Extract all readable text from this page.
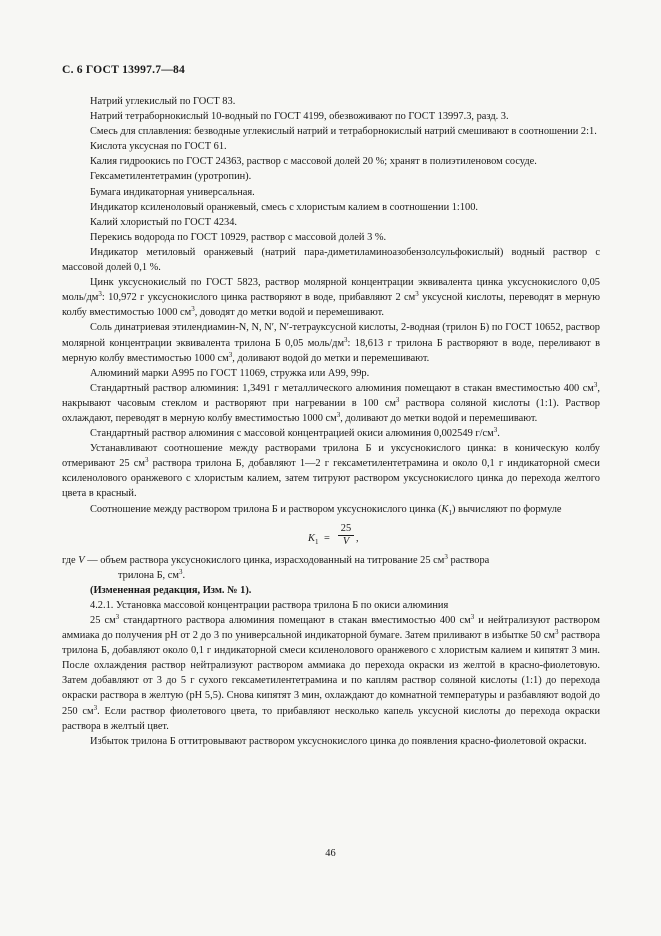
С. 6 ГОСТ 13997.7—84

Натрий углекислый по ГОСТ 83.

Натрий тетраборнокислый 10-водный по ГОСТ 4199, обезвоживают по ГОСТ 13997.3, разд. 3.

Смесь для сплавления: безводные углекислый натрий и тетраборнокислый натрий смешивают в соотношении 2:1.

Кислота уксусная по ГОСТ 61.

Калия гидроокись по ГОСТ 24363, раствор с массовой долей 20 %; хранят в полиэтиленовом сосуде.

Гексаметилентетрамин (уротропин).

Бумага индикаторная универсальная.

Индикатор ксиленоловый оранжевый, смесь с хлористым калием в соотношении 1:100.

Калий хлористый по ГОСТ 4234.

Перекись водорода по ГОСТ 10929, раствор с массовой долей 3 %.

Индикатор метиловый оранжевый (натрий пара-диметиламиноазобензолсульфокислый) водный раствор с массовой долей 0,1 %.

Цинк уксуснокислый по ГОСТ 5823, раствор молярной концентрации эквивалента цинка уксуснокислого 0,05 моль/$дм^3$: 10,972 г уксуснокислого цинка растворяют в воде, прибавляют 2 $см^3$ уксусной кислоты, переводят в мерную колбу вместимостью 1000 $см^3$, доводят до метки водой и перемешивают.

Соль динатриевая этилендиамин-N, N, N′, N′-тетрауксусной кислоты, 2-водная (трилон Б) по ГОСТ 10652, раствор молярной концентрации эквивалента трилона Б 0,05 моль/$дм^3$: 18,613 г трилона Б растворяют в воде, переливают в мерную колбу вместимостью 1000 $см^3$, доливают водой до метки и перемешивают.

Алюминий марки А995 по ГОСТ 11069, стружка или А99, 99р.

Стандартный раствор алюминия: 1,3491 г металлического алюминия помещают в стакан вместимостью 400 $см^3$, накрывают часовым стеклом и растворяют при нагревании в 100 $см^3$ раствора соляной кислоты (1:1). Раствор охлаждают, переводят в мерную колбу вместимостью 1000 $см^3$, доливают до метки водой и перемешивают.

Стандартный раствор алюминия с массовой концентрацией окиси алюминия 0,002549 $г/см^3$.

Устанавливают соотношение между растворами трилона Б и уксуснокислого цинка: в коническую колбу отмеривают 25 $см^3$ раствора трилона Б, добавляют 1—2 г гексаметилентетрамина и около 0,1 г индикаторной смеси ксиленолового оранжевого с хлористым калием, затем титруют раствором уксуснокислого цинка до перехода желтого цвета в красный.

Соотношение между раствором трилона Б и раствором уксуснокислого цинка $(K_1)$ вычисляют по формуле

$K_1 = \frac{25}{V}$ ,

где V — объем раствора уксуснокислого цинка, израсходованный на титрование 25 $см^3$ раствора

трилона Б, $см^3$.

(Измененная редакция, Изм. № 1).

4.2.1. Установка массовой концентрации раствора трилона Б по окиси алюминия

25 $см^3$ стандартного раствора алюминия помещают в стакан вместимостью 400 $см^3$ и нейтрализуют раствором аммиака до получения pH от 2 до 3 по универсальной индикаторной бумаге. Затем приливают в избытке 50 $см^3$ раствора трилона Б, добавляют около 0,1 г индикаторной смеси ксиленолового оранжевого с хлористым калием и кипятят 3 мин. После охлаждения раствор нейтрализуют раствором аммиака до перехода окраски из желтой в красно-фиолетовую. Затем добавляют от 3 до 5 г сухого гексаметилентетрамина и по каплям раствор соляной кислоты (1:1) до перехода окраски раствора в желтую (pH 5,5). Снова кипятят 3 мин, охлаждают до комнатной температуры и разбавляют водой до 250 $см^3$. Если раствор фиолетового цвета, то прибавляют несколько капель уксусной кислоты до перехода окраски раствора в желтый цвет.

Избыток трилона Б оттитровывают раствором уксуснокислого цинка до появления красно-фиолетовой окраски.

46
